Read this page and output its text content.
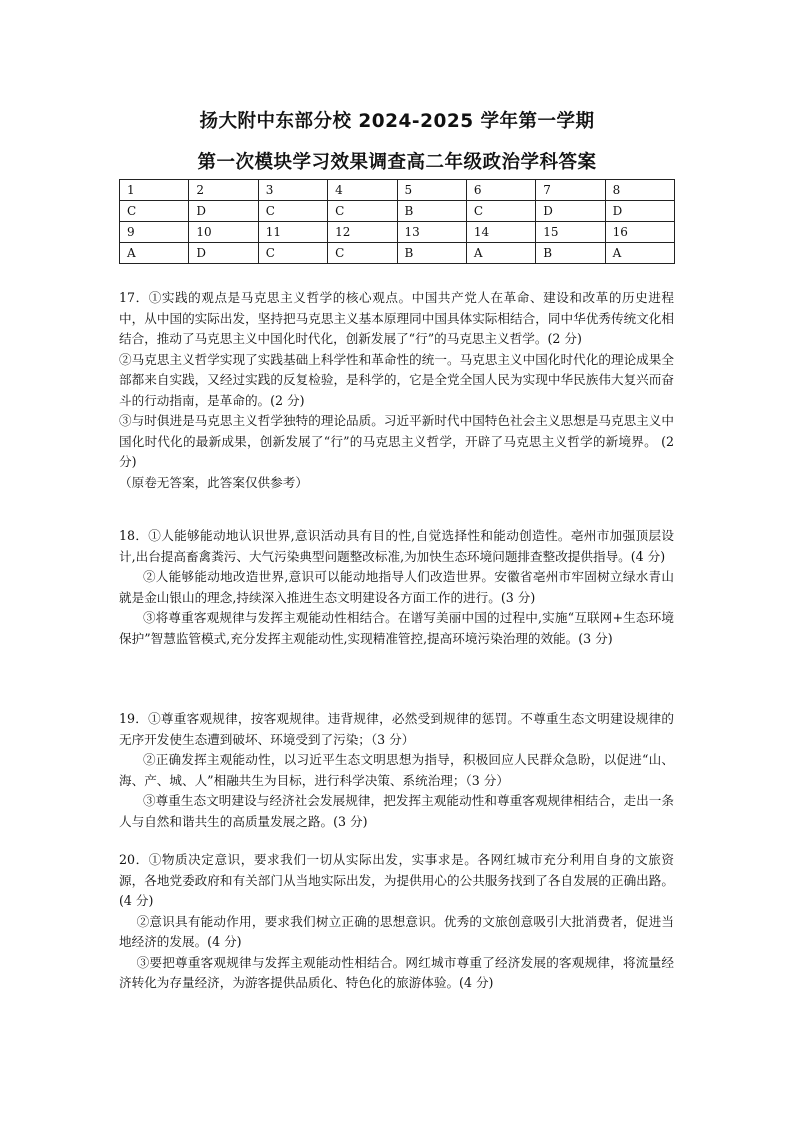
扬大附中东部分校 2024-2025 学年第一学期
第一次模块学习效果调查高二年级政治学科答案
1	2	3	4	5	6	7	8
C	D	C	C	B	C	D	D
9	10	11	12	13	14	15	16
A	D	C	C	B	A	B	A

17．①实践的观点是马克思主义哲学的核心观点。中国共产党人在革命、建设和改革的历史进程中，从中国的实际出发，坚持把马克思主义基本原理同中国具体实际相结合，同中华优秀传统文化相结合，推动了马克思主义中国化时代化，创新发展了“行”的马克思主义哲学。(2 分)

②马克思主义哲学实现了实践基础上科学性和革命性的统一。马克思主义中国化时代化的理论成果全部都来自实践，又经过实践的反复检验，是科学的，它是全党全国人民为实现中华民族伟大复兴而奋斗的行动指南，是革命的。(2 分)

③与时俱进是马克思主义哲学独特的理论品质。习近平新时代中国特色社会主义思想是马克思主义中国化时代化的最新成果，创新发展了“行”的马克思主义哲学，开辟了马克思主义哲学的新境界。 (2 分)

（原卷无答案，此答案仅供参考）

18．①人能够能动地认识世界,意识活动具有目的性,自觉选择性和能动创造性。亳州市加强顶层设计,出台提高畜禽粪污、大气污染典型问题整改标准,为加快生态环境问题排查整改提供指导。(4 分)

②人能够能动地改造世界,意识可以能动地指导人们改造世界。安徽省亳州市牢固树立绿水青山就是金山银山的理念,持续深入推进生态文明建设各方面工作的进行。(3 分)

③将尊重客观规律与发挥主观能动性相结合。在谱写美丽中国的过程中,实施“互联网+生态环境保护”智慧监管模式,充分发挥主观能动性,实现精准管控,提高环境污染治理的效能。(3 分)

19．①尊重客观规律，按客观规律。违背规律，必然受到规律的惩罚。不尊重生态文明建设规律的无序开发使生态遭到破坏、环境受到了污染；（3 分）

②正确发挥主观能动性，以习近平生态文明思想为指导，积极回应人民群众急盼，以促进“山、海、产、城、人”相融共生为目标，进行科学决策、系统治理；（3 分）

③尊重生态文明建设与经济社会发展规律，把发挥主观能动性和尊重客观规律相结合，走出一条人与自然和谐共生的高质量发展之路。(3 分)

20．①物质决定意识，要求我们一切从实际出发，实事求是。各网红城市充分利用自身的文旅资源，各地党委政府和有关部门从当地实际出发，为提供用心的公共服务找到了各自发展的正确出路。(4 分)

②意识具有能动作用，要求我们树立正确的思想意识。优秀的文旅创意吸引大批消费者，促进当地经济的发展。(4 分)

③要把尊重客观规律与发挥主观能动性相结合。网红城市尊重了经济发展的客观规律，将流量经济转化为存量经济，为游客提供品质化、特色化的旅游体验。(4 分)
